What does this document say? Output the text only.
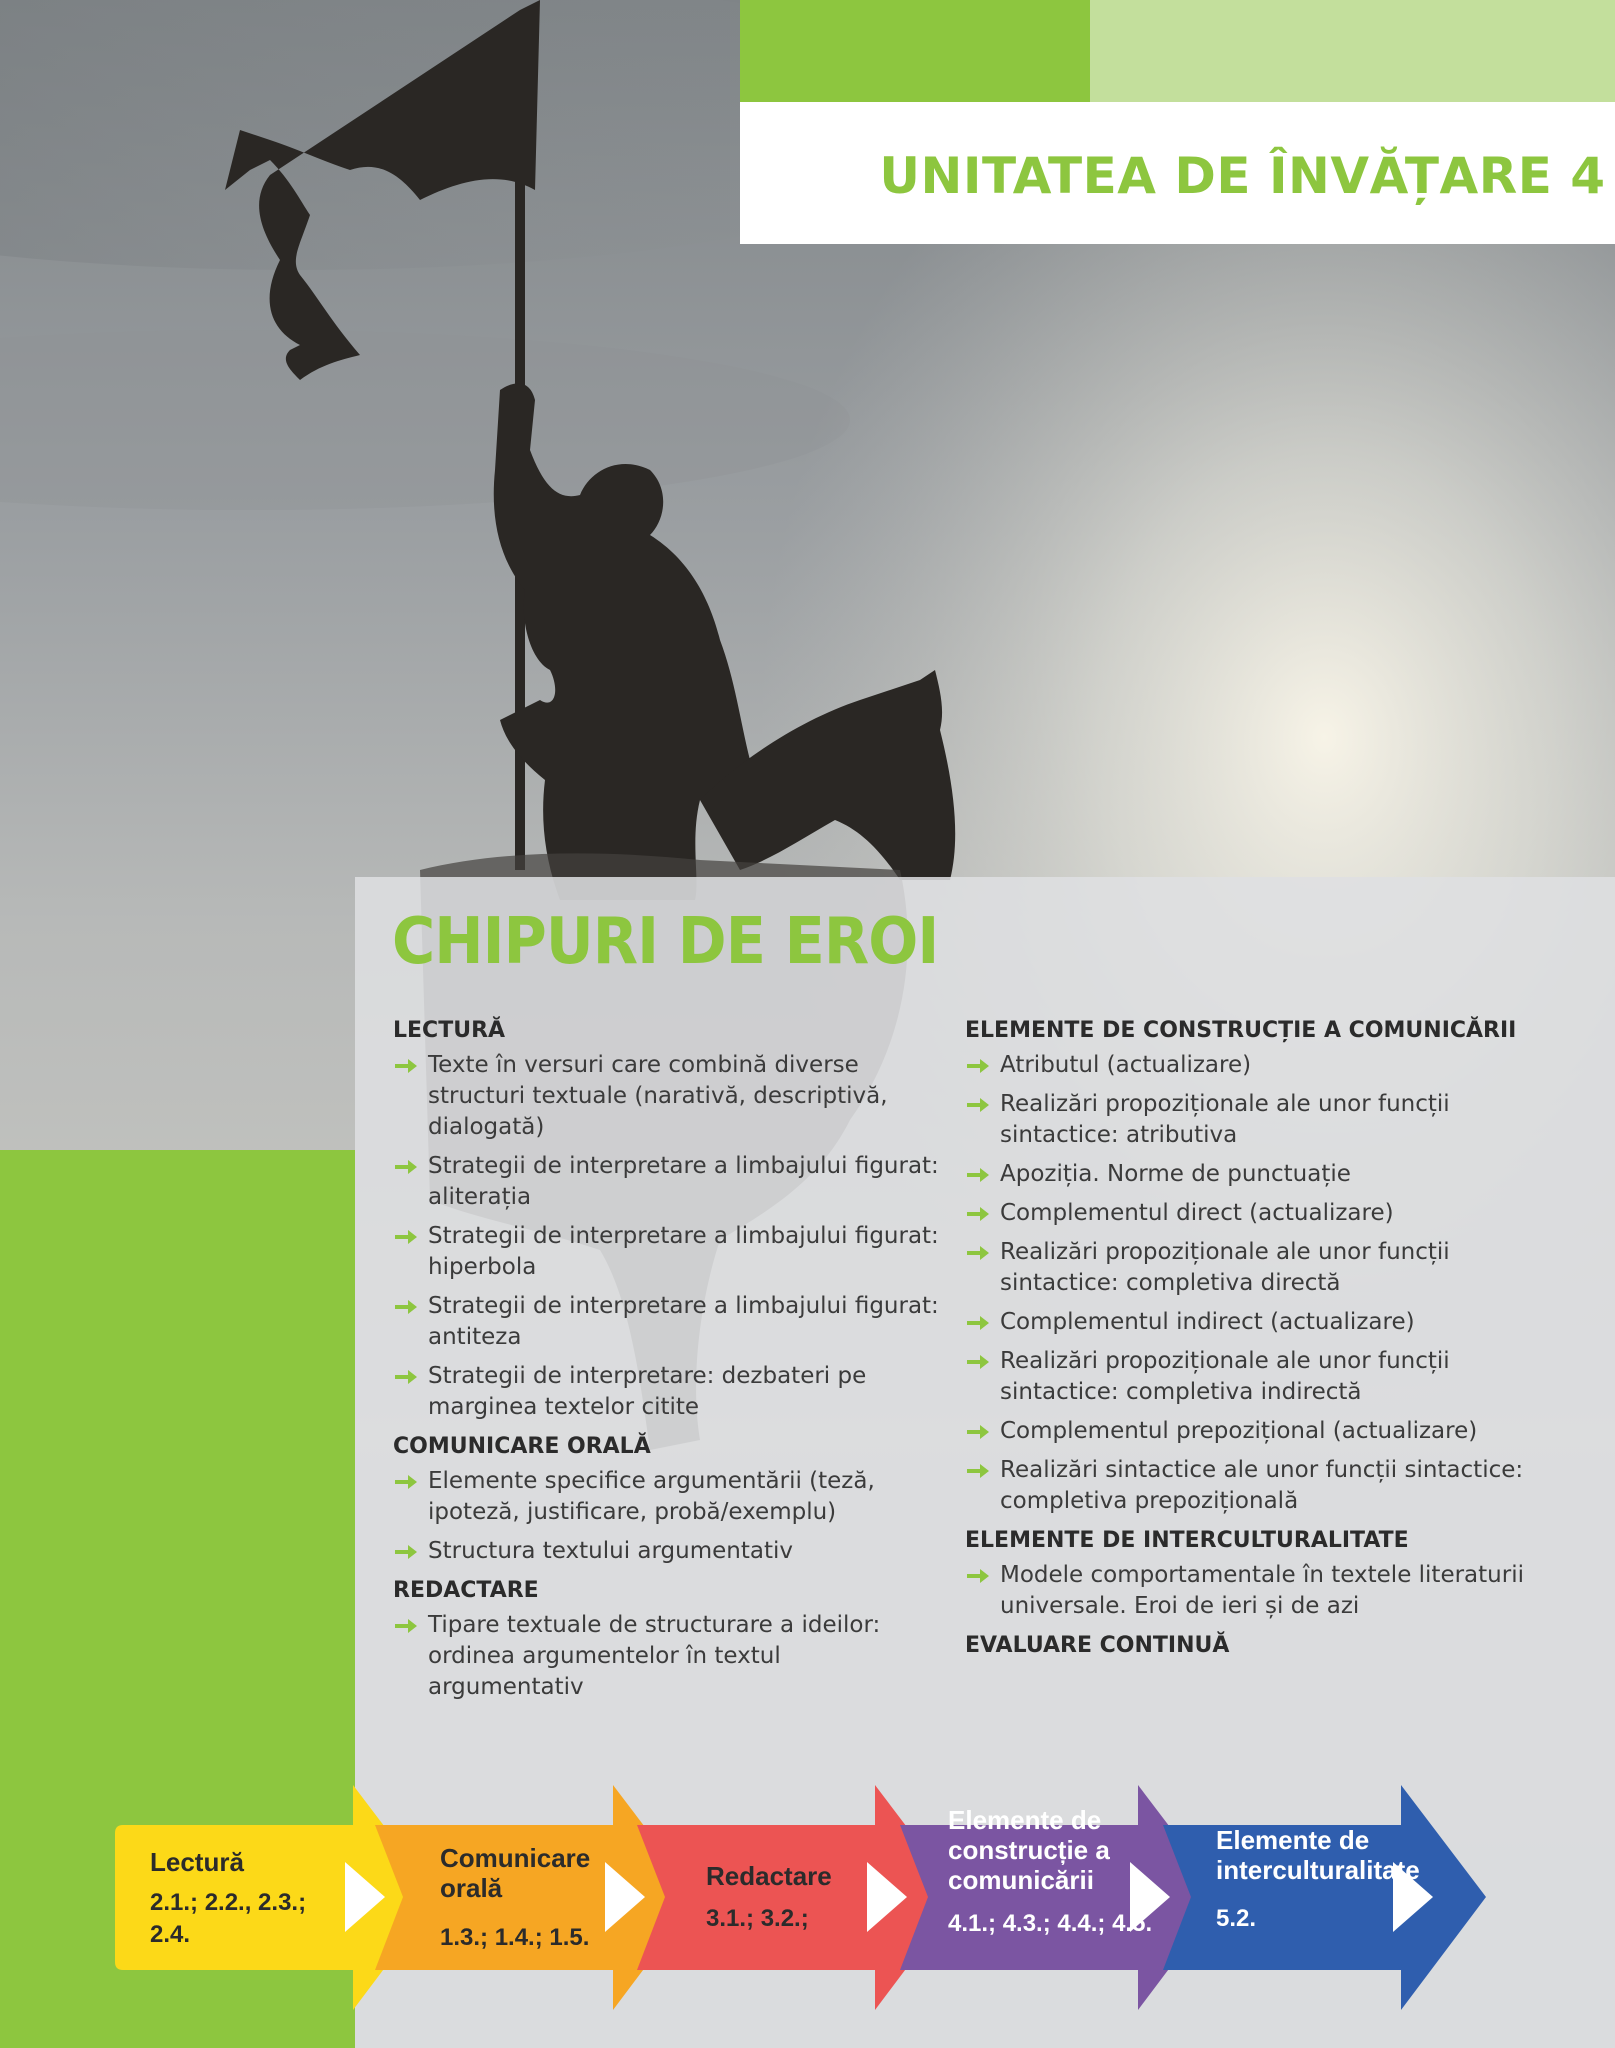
UNITATEA DE ÎNVĂȚARE 4
CHIPURI DE EROI
LECTURĂ
Texte în versuri care combină diverse structuri textuale (narativă, descriptivă, dialogată)
Strategii de interpretare a limbajului figurat: aliterația
Strategii de interpretare a limbajului figurat: hiperbola
Strategii de interpretare a limbajului figurat: antiteza
Strategii de interpretare: dezbateri pe marginea textelor citite
COMUNICARE ORALĂ
Elemente specifice argumentării (teză, ipoteză, justificare, probă/exemplu)
Structura textului argumentativ
REDACTARE
Tipare textuale de structurare a ideilor: ordinea argumentelor în textul argumentativ
ELEMENTE DE CONSTRUCȚIE A COMUNICĂRII
Atributul (actualizare)
Realizări propoziționale ale unor funcții sintactice: atributiva
Apoziția. Norme de punctuație
Complementul direct (actualizare)
Realizări propoziționale ale unor funcții sintactice: completiva directă
Complementul indirect (actualizare)
Realizări propoziționale ale unor funcții sintactice: completiva indirectă
Complementul prepozițional (actualizare)
Realizări sintactice ale unor funcții sintactice: completiva prepozițională
ELEMENTE DE INTERCULTURALITATE
Modele comportamentale în textele literaturii universale. Eroi de ieri și de azi
EVALUARE CONTINUĂ
Lectură
2.1.; 2.2., 2.3.;
2.4.
Comunicare
orală
1.3.; 1.4.; 1.5.
Redactare
3.1.; 3.2.;
Elemente de
construcție a
comunicării
4.1.; 4.3.; 4.4.; 4.5.
Elemente de
interculturalitate
5.2.
